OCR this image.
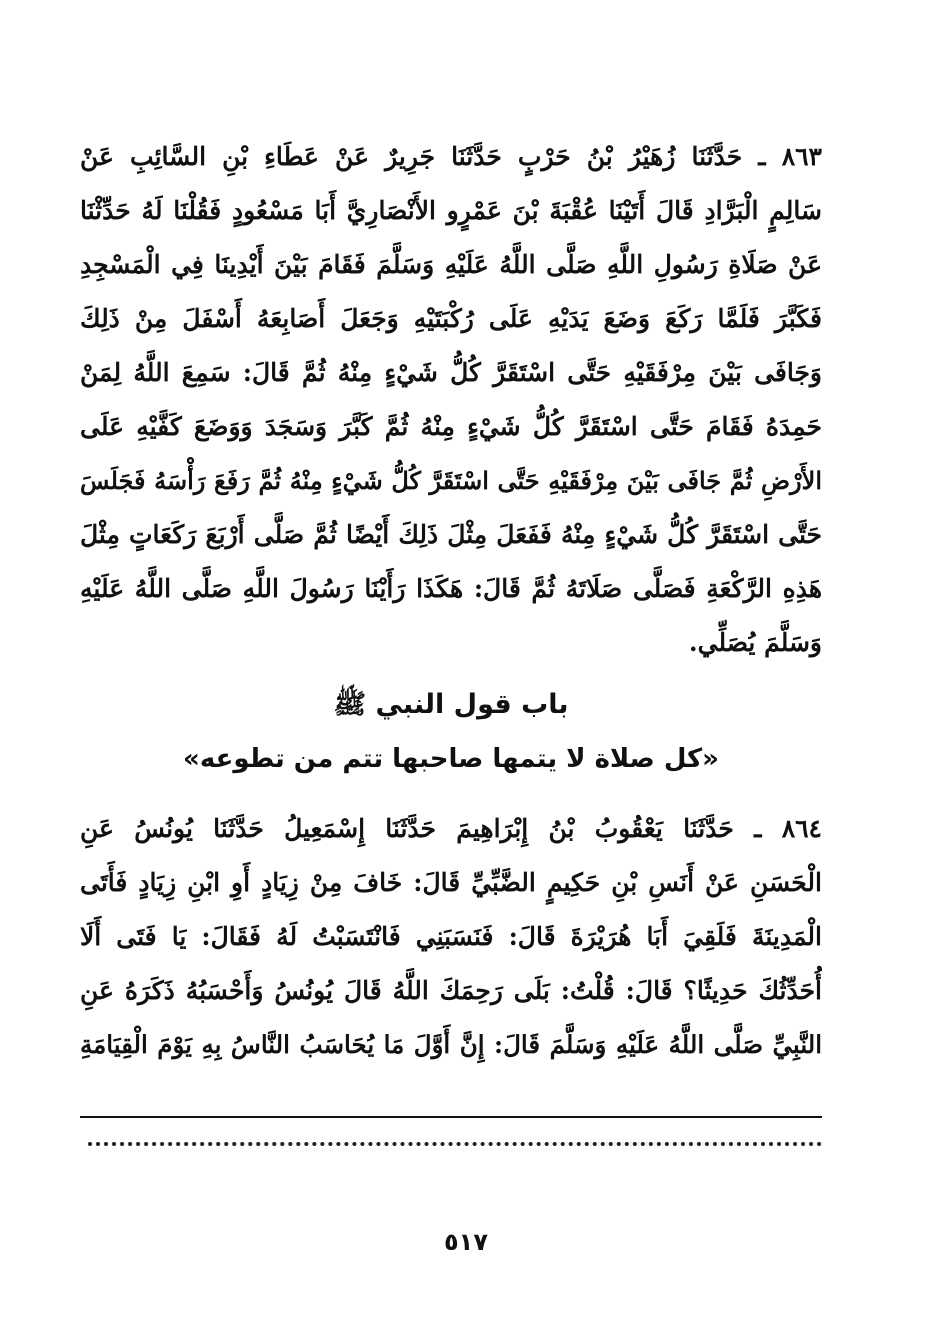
٨٦٣ ـ حَدَّثَنَا زُهَيْرُ بْنُ حَرْبٍ حَدَّثَنَا جَرِيرٌ عَنْ عَطَاءِ بْنِ السَّائِبِ عَنْ
سَالِمٍ الْبَرَّادِ قَالَ أَتَيْنَا عُقْبَةَ بْنَ عَمْرٍو الأَنْصَارِيَّ أَبَا مَسْعُودٍ فَقُلْنَا لَهُ حَدِّثْنَا
عَنْ صَلَاةِ رَسُولِ اللَّهِ صَلَّى اللَّهُ عَلَيْهِ وَسَلَّمَ فَقَامَ بَيْنَ أَيْدِينَا فِي الْمَسْجِدِ
فَكَبَّرَ فَلَمَّا رَكَعَ وَضَعَ يَدَيْهِ عَلَى رُكْبَتَيْهِ وَجَعَلَ أَصَابِعَهُ أَسْفَلَ مِنْ ذَلِكَ
وَجَافَى بَيْنَ مِرْفَقَيْهِ حَتَّى اسْتَقَرَّ كُلُّ شَيْءٍ مِنْهُ ثُمَّ قَالَ: سَمِعَ اللَّهُ لِمَنْ
حَمِدَهُ فَقَامَ حَتَّى اسْتَقَرَّ كُلُّ شَيْءٍ مِنْهُ ثُمَّ كَبَّرَ وَسَجَدَ وَوَضَعَ كَفَّيْهِ عَلَى
الأَرْضِ ثُمَّ جَافَى بَيْنَ مِرْفَقَيْهِ حَتَّى اسْتَقَرَّ كُلُّ شَيْءٍ مِنْهُ ثُمَّ رَفَعَ رَأْسَهُ فَجَلَسَ
حَتَّى اسْتَقَرَّ كُلُّ شَيْءٍ مِنْهُ فَفَعَلَ مِثْلَ ذَلِكَ أَيْضًا ثُمَّ صَلَّى أَرْبَعَ رَكَعَاتٍ مِثْلَ
هَذِهِ الرَّكْعَةِ فَصَلَّى صَلَاتَهُ ثُمَّ قَالَ: هَكَذَا رَأَيْنَا رَسُولَ اللَّهِ صَلَّى اللَّهُ عَلَيْهِ
وَسَلَّمَ يُصَلِّي.
باب قول النبي ﷺ
«كل صلاة لا يتمها صاحبها تتم من تطوعه»
٨٦٤ ـ حَدَّثَنَا يَعْقُوبُ بْنُ إِبْرَاهِيمَ حَدَّثَنَا إِسْمَعِيلُ حَدَّثَنَا يُونُسُ عَنِ
الْحَسَنِ عَنْ أَنَسِ بْنِ حَكِيمٍ الضَّبِّيِّ قَالَ: خَافَ مِنْ زِيَادٍ أَوِ ابْنِ زِيَادٍ فَأَتَى
الْمَدِينَةَ فَلَقِيَ أَبَا هُرَيْرَةَ قَالَ: فَنَسَبَنِي فَانْتَسَبْتُ لَهُ فَقَالَ: يَا فَتَى أَلَا
أُحَدِّثُكَ حَدِيثًا؟ قَالَ: قُلْتُ: بَلَى رَحِمَكَ اللَّهُ قَالَ يُونُسُ وَأَحْسَبُهُ ذَكَرَهُ عَنِ
النَّبِيِّ صَلَّى اللَّهُ عَلَيْهِ وَسَلَّمَ قَالَ: إِنَّ أَوَّلَ مَا يُحَاسَبُ النَّاسُ بِهِ يَوْمَ الْقِيَامَةِ
٥١٧
